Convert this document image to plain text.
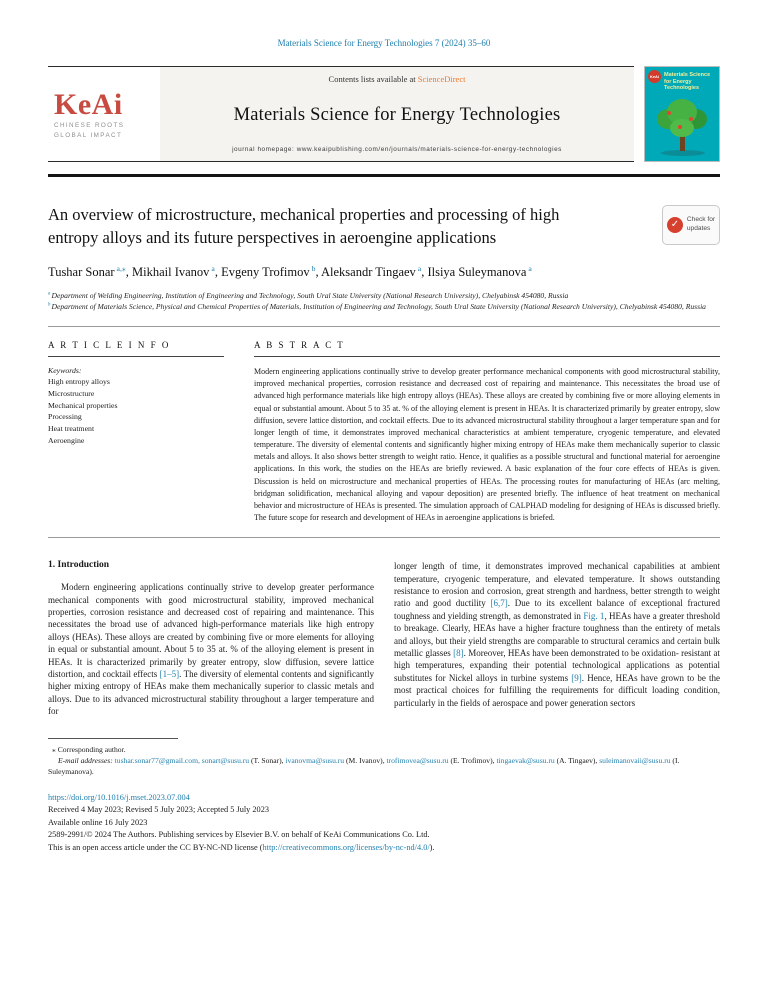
Materials Science for Energy Technologies 7 (2024) 35–60
KeAi
CHINESE ROOTS
GLOBAL IMPACT
Contents lists available at ScienceDirect
Materials Science for Energy Technologies
journal homepage: www.keaipublishing.com/en/journals/materials-science-for-energy-technologies
KeAi Materials Science for Energy Technologies
An overview of microstructure, mechanical properties and processing of high entropy alloys and its future perspectives in aeroengine applications
✓	Check for
updates
Tushar Sonar $^{a,⁎}$, Mikhail Ivanov $^a$, Evgeny Trofimov $^b$, Aleksandr Tingaev $^a$, Ilsiya Suleymanova $^a$
$^a$ Department of Welding Engineering, Institution of Engineering and Technology, South Ural State University (National Research University), Chelyabinsk 454080, Russia
$^b$ Department of Materials Science, Physical and Chemical Properties of Materials, Institution of Engineering and Technology, South Ural State University (National Research University), Chelyabinsk 454080, Russia
A R T I C L E I N F O
Keywords:
High entropy alloys
Microstructure
Mechanical properties
Processing
Heat treatment
Aeroengine
A B S T R A C T

Modern engineering applications continually strive to develop greater performance mechanical components with good microstructural stability, improved mechanical properties, corrosion resistance and decreased cost of repairing and maintenance. This necessitates the broad use of advanced high performance materials like high entropy alloys (HEAs). These alloys are created by combining five or more alloying elements in equal or substantial amount. About 5 to 35 at. % of the alloying element is present in HEAs. It is characterized primarily by greater entropy, slow diffusion, severe lattice distortion, and cocktail effects. Due to its advanced microstructural stability throughout a larger temperature span and for longer length of time, it demonstrates improved mechanical characteristics at ambient temperature, cryogenic temperature, and elevated temperature. The diversity of elemental contents and significantly higher mixing entropy of HEAs make them mechanically superior to classic metals and alloys. It also shows better strength to weight ratio. Hence, it qualifies as a possible structural and functional material for aeroengine applications. In this work, the studies on the HEAs are briefly reviewed. A basic explanation of the four core effects of HEAs is given. Discussion is held on microstructure and mechanical properties of HEAs. The processing routes for manufacturing of HEAs (arc melting, bridgman solidification, mechanical alloying and vapour deposition) are presented briefly. The influence of heat treatment on mechanical behavior and microstructure of HEAs is presented. The simulation approach of CALPHAD modeling for designing of HEAs is discussed briefly. The future scope for research and development of HEAs in aeroengine applications is briefed.

1. Introduction

Modern engineering applications continually strive to develop greater performance mechanical components with good microstructural stability, improved mechanical properties, corrosion resistance and decreased cost of repairing and maintenance. This necessitates the broad use of advanced high-performance materials like high entropy alloys (HEAs). These alloys are created by combining five or more elements for alloying in equal or substantial amount. About 5 to 35 at. % of the alloying element is present in HEAs. It is characterized primarily by greater entropy, slow diffusion, severe lattice distortion, and cocktail effects [1–5]. The diversity of elemental contents and significantly higher mixing entropy of HEAs make them mechanically superior to classic metals and alloys. Due to its advanced microstructural stability throughout a larger temperature and for

longer length of time, it demonstrates improved mechanical capabilities at ambient temperature, cryogenic temperature, and elevated temperature. It shows outstanding resistance to erosion and corrosion, great strength and hardness, better strength to weight ratio and good ductility [6,7]. Due to its excellent balance of exceptional fractured toughness and yielding strength, as demonstrated in Fig. 1, HEAs have a greater threshold to breakage. Clearly, HEAs have a higher fracture toughness than the entirety of metals and alloys, but their yield strengths are comparable to structural ceramics and certain bulk metallic glasses [8]. Moreover, HEAs have been demonstrated to be oxidation- resistant at high temperatures, expanding their potential technological applications as potential substitutes for Nickel alloys in turbine systems [9]. Hence, HEAs have grown to be the most practical choices for fulfilling the requirements for difficult loading condition, particularly in the fields of aerospace and power generation sectors

⁎ Corresponding author.
E-mail addresses: tushar.sonar77@gmail.com, sonart@susu.ru (T. Sonar), ivanovma@susu.ru (M. Ivanov), trofimovea@susu.ru (E. Trofimov), tingaevak@susu.ru (A. Tingaev), suleimanovaii@susu.ru (I. Suleymanova).
https://doi.org/10.1016/j.mset.2023.07.004
Received 4 May 2023; Revised 5 July 2023; Accepted 5 July 2023
Available online 16 July 2023
2589-2991/© 2024 The Authors. Publishing services by Elsevier B.V. on behalf of KeAi Communications Co. Ltd.
This is an open access article under the CC BY-NC-ND license (http://creativecommons.org/licenses/by-nc-nd/4.0/).
